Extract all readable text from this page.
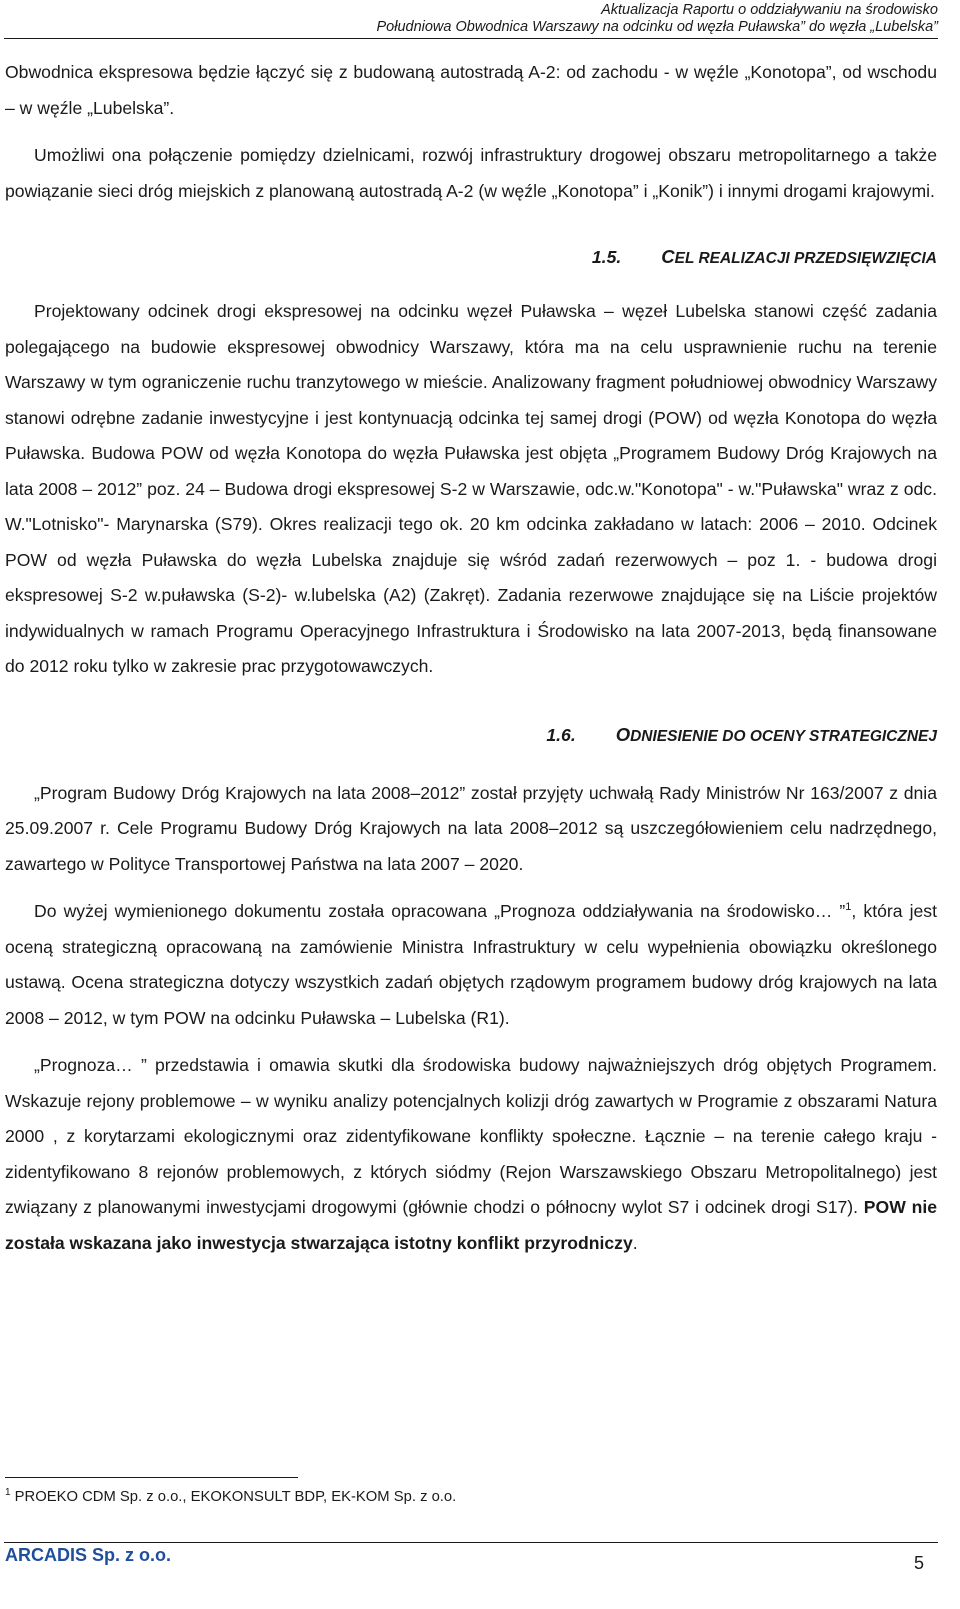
Aktualizacja Raportu o oddziaływaniu na środowisko
Południowa Obwodnica Warszawy na odcinku od węzła Puławska” do węzła „Lubelska”

Obwodnica ekspresowa będzie łączyć się z budowaną autostradą A-2: od zachodu - w węźle „Konotopa”, od wschodu – w węźle „Lubelska”.

Umożliwi ona połączenie pomiędzy dzielnicami, rozwój infrastruktury drogowej obszaru metropolitarnego a także powiązanie sieci dróg miejskich z planowaną autostradą A-2 (w węźle „Konotopa” i „Konik”) i innymi drogami krajowymi.

1.5. CEL REALIZACJI PRZEDSIĘWZIĘCIA

Projektowany odcinek drogi ekspresowej na odcinku węzeł Puławska – węzeł Lubelska stanowi część zadania polegającego na budowie ekspresowej obwodnicy Warszawy, która ma na celu usprawnienie ruchu na terenie Warszawy w tym ograniczenie ruchu tranzytowego w mieście. Analizowany fragment południowej obwodnicy Warszawy stanowi odrębne zadanie inwestycyjne i jest kontynuacją odcinka tej samej drogi (POW) od węzła Konotopa do węzła Puławska. Budowa POW od węzła Konotopa do węzła Puławska jest objęta „Programem Budowy Dróg Krajowych na lata 2008 – 2012” poz. 24 – Budowa drogi ekspresowej S-2 w Warszawie, odc.w."Konotopa" - w."Puławska" wraz z odc. W."Lotnisko"- Marynarska (S79). Okres realizacji tego ok. 20 km odcinka zakładano w latach: 2006 – 2010. Odcinek POW od węzła Puławska do węzła Lubelska znajduje się wśród zadań rezerwowych – poz 1. - budowa drogi ekspresowej S-2 w.puławska (S-2)- w.lubelska (A2) (Zakręt). Zadania rezerwowe znajdujące się na Liście projektów indywidualnych w ramach Programu Operacyjnego Infrastruktura i Środowisko na lata 2007-2013, będą finansowane do 2012 roku tylko w zakresie prac przygotowawczych.

1.6. ODNIESIENIE DO OCENY STRATEGICZNEJ

„Program Budowy Dróg Krajowych na lata 2008–2012” został przyjęty uchwałą Rady Ministrów Nr 163/2007 z dnia 25.09.2007 r. Cele Programu Budowy Dróg Krajowych na lata 2008–2012 są uszczegółowieniem celu nadrzędnego, zawartego w Polityce Transportowej Państwa na lata 2007 – 2020.

Do wyżej wymienionego dokumentu została opracowana „Prognoza oddziaływania na środowisko… ”$^1$, która jest oceną strategiczną opracowaną na zamówienie Ministra Infrastruktury w celu wypełnienia obowiązku określonego ustawą. Ocena strategiczna dotyczy wszystkich zadań objętych rządowym programem budowy dróg krajowych na lata 2008 – 2012, w tym POW na odcinku Puławska – Lubelska (R1).

„Prognoza… ” przedstawia i omawia skutki dla środowiska budowy najważniejszych dróg objętych Programem. Wskazuje rejony problemowe – w wyniku analizy potencjalnych kolizji dróg zawartych w Programie z obszarami Natura 2000 , z korytarzami ekologicznymi oraz zidentyfikowane konflikty społeczne. Łącznie – na terenie całego kraju - zidentyfikowano 8 rejonów problemowych, z których siódmy (Rejon Warszawskiego Obszaru Metropolitalnego) jest związany z planowanymi inwestycjami drogowymi (głównie chodzi o północny wylot S7 i odcinek drogi S17). POW nie została wskazana jako inwestycja stwarzająca istotny konflikt przyrodniczy.

$^1$ PROEKO CDM Sp. z o.o., EKOKONSULT BDP, EK-KOM Sp. z o.o.
ARCADIS Sp. z o.o.	5
